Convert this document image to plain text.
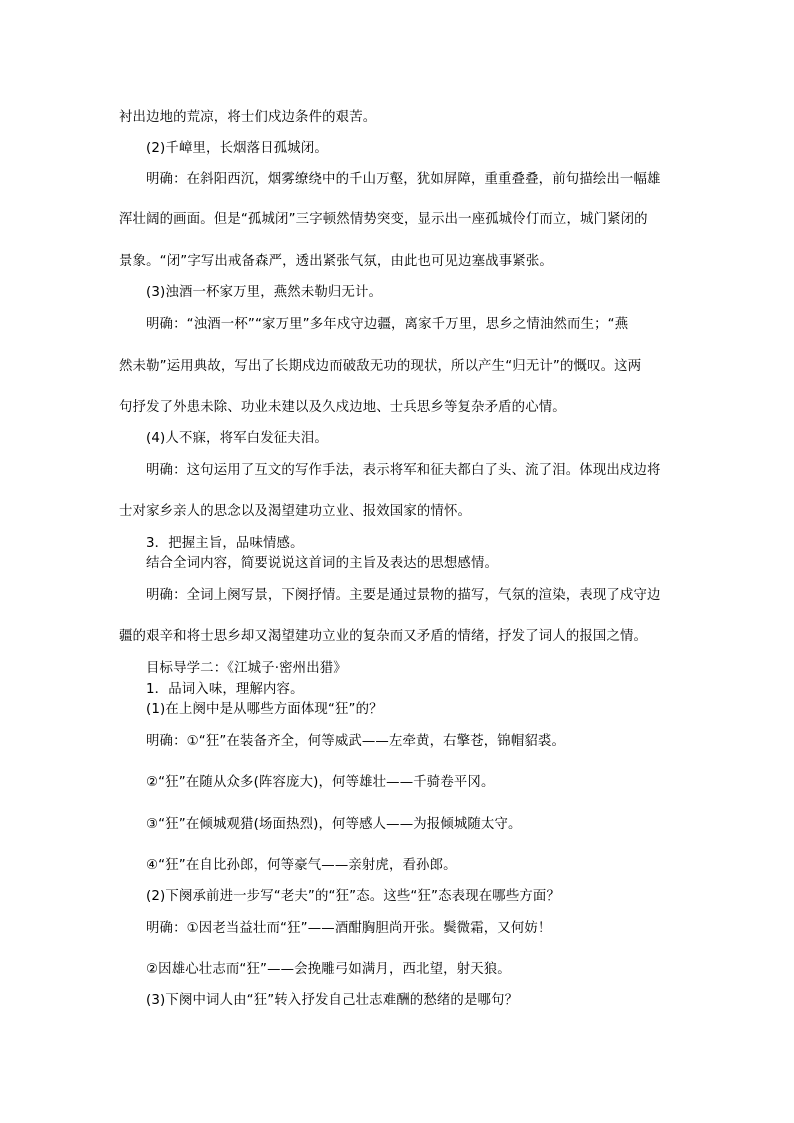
衬出边地的荒凉，将士们戍边条件的艰苦。
(2)千嶂里，长烟落日孤城闭。
明确：在斜阳西沉，烟雾缭绕中的千山万壑，犹如屏障，重重叠叠，前句描绘出一幅雄
浑壮阔的画面。但是“孤城闭”三字顿然情势突变，显示出一座孤城伶仃而立，城门紧闭的
景象。“闭”字写出戒备森严，透出紧张气氛，由此也可见边塞战事紧张。
(3)浊酒一杯家万里，燕然未勒归无计。
明确：“浊酒一杯”“家万里”多年戍守边疆，离家千万里，思乡之情油然而生；“燕
然未勒”运用典故，写出了长期戍边而破敌无功的现状，所以产生“归无计”的慨叹。这两
句抒发了外患未除、功业未建以及久戍边地、士兵思乡等复杂矛盾的心情。
(4)人不寐，将军白发征夫泪。
明确：这句运用了互文的写作手法，表示将军和征夫都白了头、流了泪。体现出戍边将
士对家乡亲人的思念以及渴望建功立业、报效国家的情怀。
3．把握主旨，品味情感。
结合全词内容，简要说说这首词的主旨及表达的思想感情。
明确：全词上阕写景，下阕抒情。主要是通过景物的描写，气氛的渲染，表现了戍守边
疆的艰辛和将士思乡却又渴望建功立业的复杂而又矛盾的情绪，抒发了词人的报国之情。
目标导学二：《江城子·密州出猎》
1．品词入味，理解内容。
(1)在上阕中是从哪些方面体现“狂”的？
明确：①“狂”在装备齐全，何等威武——左牵黄，右擎苍，锦帽貂裘。
②“狂”在随从众多(阵容庞大)，何等雄壮——千骑卷平冈。
③“狂”在倾城观猎(场面热烈)，何等感人——为报倾城随太守。
④“狂”在自比孙郎，何等豪气——亲射虎，看孙郎。
(2)下阕承前进一步写“老夫”的“狂”态。这些“狂”态表现在哪些方面？
明确：①因老当益壮而“狂”——酒酣胸胆尚开张。鬓微霜，又何妨！
②因雄心壮志而“狂”——会挽雕弓如满月，西北望，射天狼。
(3)下阕中词人由“狂”转入抒发自己壮志难酬的愁绪的是哪句？
